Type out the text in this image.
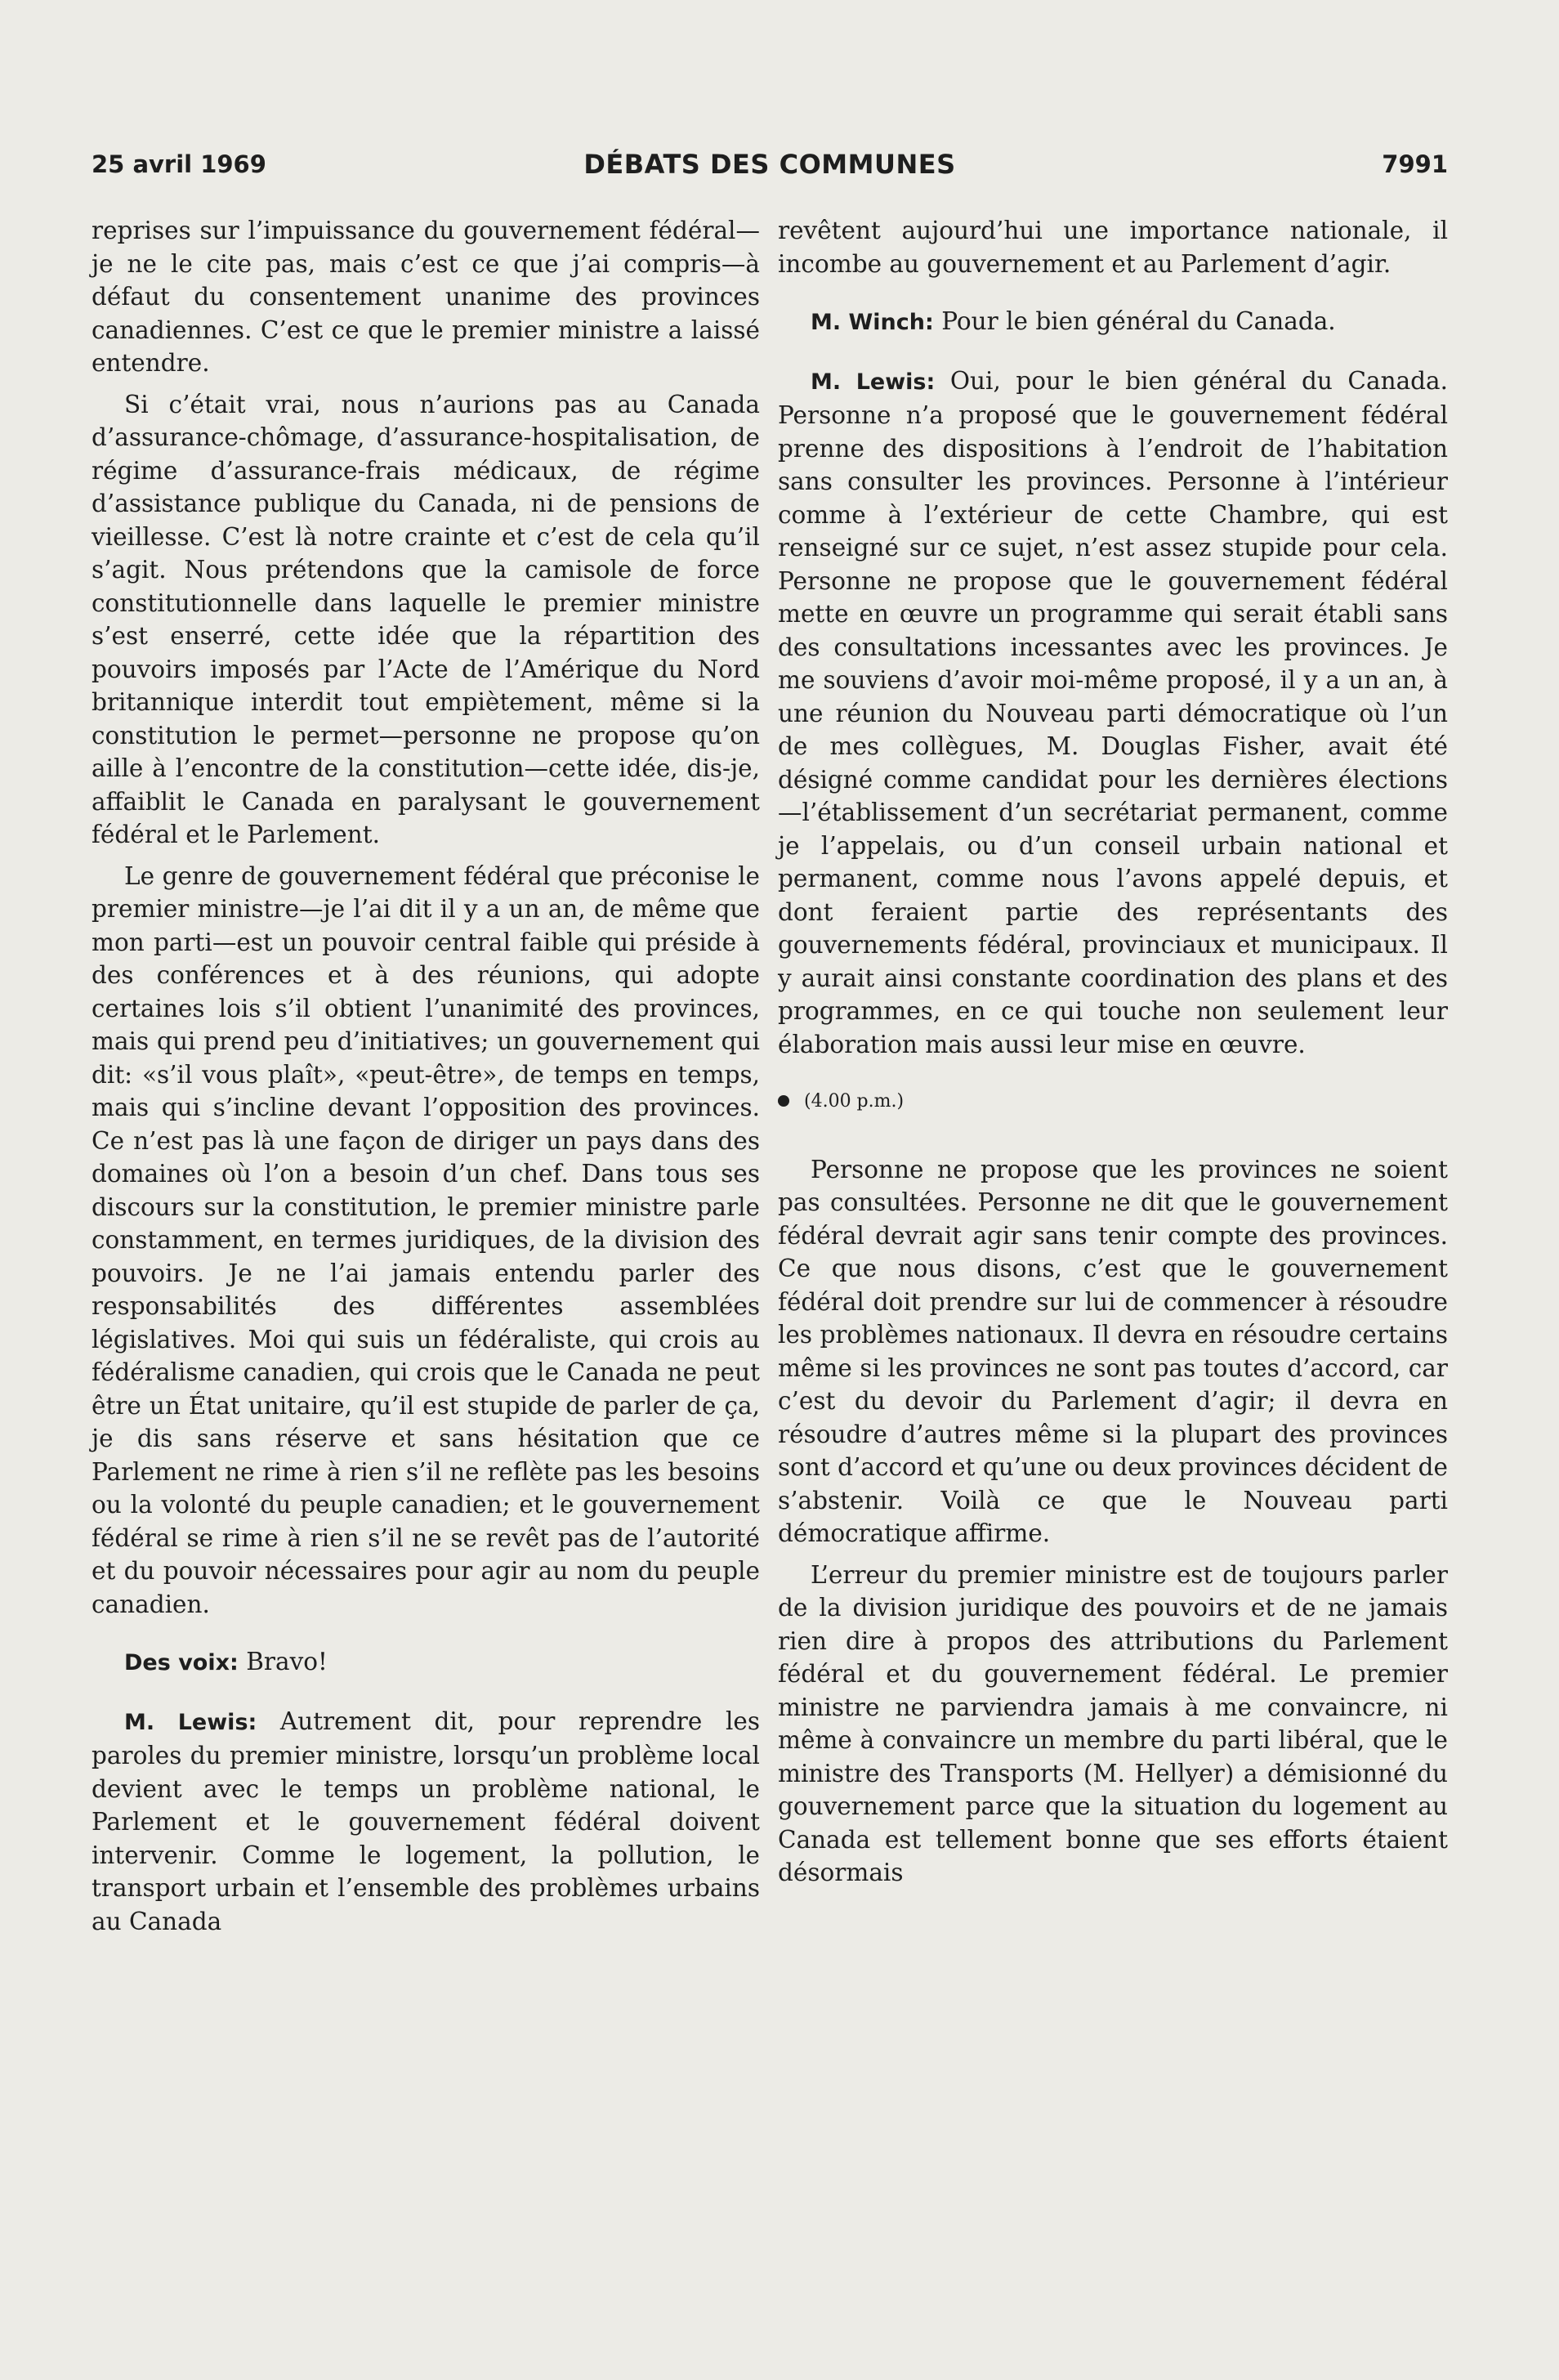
25 avril 1969	DÉBATS DES COMMUNES	7991

reprises sur l’impuissance du gouvernement fédéral—je ne le cite pas, mais c’est ce que j’ai compris—à défaut du consentement unanime des provinces canadiennes. C’est ce que le premier ministre a laissé entendre.

Si c’était vrai, nous n’aurions pas au Canada d’assurance-chômage, d’assurance-hospitalisation, de régime d’assurance-frais médicaux, de régime d’assistance publique du Canada, ni de pensions de vieillesse. C’est là notre crainte et c’est de cela qu’il s’agit. Nous prétendons que la camisole de force constitutionnelle dans laquelle le premier ministre s’est enserré, cette idée que la répartition des pouvoirs imposés par l’Acte de l’Amérique du Nord britannique interdit tout empiètement, même si la constitution le permet—personne ne propose qu’on aille à l’encontre de la constitution—cette idée, dis-je, affaiblit le Canada en paralysant le gouvernement fédéral et le Parlement.

Le genre de gouvernement fédéral que préconise le premier ministre—je l’ai dit il y a un an, de même que mon parti—est un pouvoir central faible qui préside à des conférences et à des réunions, qui adopte certaines lois s’il obtient l’unanimité des provinces, mais qui prend peu d’initiatives; un gouvernement qui dit: «s’il vous plaît», «peut-être», de temps en temps, mais qui s’incline devant l’opposition des provinces. Ce n’est pas là une façon de diriger un pays dans des domaines où l’on a besoin d’un chef. Dans tous ses discours sur la constitution, le premier ministre parle constamment, en termes juridiques, de la division des pouvoirs. Je ne l’ai jamais entendu parler des responsabilités des différentes assemblées législatives. Moi qui suis un fédéraliste, qui crois au fédéralisme canadien, qui crois que le Canada ne peut être un État unitaire, qu’il est stupide de parler de ça, je dis sans réserve et sans hésitation que ce Parlement ne rime à rien s’il ne reflète pas les besoins ou la volonté du peuple canadien; et le gouvernement fédéral se rime à rien s’il ne se revêt pas de l’autorité et du pouvoir nécessaires pour agir au nom du peuple canadien.

Des voix: Bravo!

M. Lewis: Autrement dit, pour reprendre les paroles du premier ministre, lorsqu’un problème local devient avec le temps un problème national, le Parlement et le gouvernement fédéral doivent intervenir. Comme le logement, la pollution, le transport urbain et l’ensemble des problèmes urbains au Canada

revêtent aujourd’hui une importance nationale, il incombe au gouvernement et au Parlement d’agir.

M. Winch: Pour le bien général du Canada.

M. Lewis: Oui, pour le bien général du Canada. Personne n’a proposé que le gouvernement fédéral prenne des dispositions à l’endroit de l’habitation sans consulter les provinces. Personne à l’intérieur comme à l’extérieur de cette Chambre, qui est renseigné sur ce sujet, n’est assez stupide pour cela. Personne ne propose que le gouvernement fédéral mette en œuvre un programme qui serait établi sans des consultations incessantes avec les provinces. Je me souviens d’avoir moi-même proposé, il y a un an, à une réunion du Nouveau parti démocratique où l’un de mes collègues, M. Douglas Fisher, avait été désigné comme candidat pour les dernières élections—l’établissement d’un secrétariat permanent, comme je l’appelais, ou d’un conseil urbain national et permanent, comme nous l’avons appelé depuis, et dont feraient partie des représentants des gouvernements fédéral, provinciaux et municipaux. Il y aurait ainsi constante coordination des plans et des programmes, en ce qui touche non seulement leur élaboration mais aussi leur mise en œuvre.

(4.00 p.m.)

Personne ne propose que les provinces ne soient pas consultées. Personne ne dit que le gouvernement fédéral devrait agir sans tenir compte des provinces. Ce que nous disons, c’est que le gouvernement fédéral doit prendre sur lui de commencer à résoudre les problèmes nationaux. Il devra en résoudre certains même si les provinces ne sont pas toutes d’accord, car c’est du devoir du Parlement d’agir; il devra en résoudre d’autres même si la plupart des provinces sont d’accord et qu’une ou deux provinces décident de s’abstenir. Voilà ce que le Nouveau parti démocratique affirme.

L’erreur du premier ministre est de toujours parler de la division juridique des pouvoirs et de ne jamais rien dire à propos des attributions du Parlement fédéral et du gouvernement fédéral. Le premier ministre ne parviendra jamais à me convaincre, ni même à convaincre un membre du parti libéral, que le ministre des Transports (M. Hellyer) a démisionné du gouvernement parce que la situation du logement au Canada est tellement bonne que ses efforts étaient désormais
